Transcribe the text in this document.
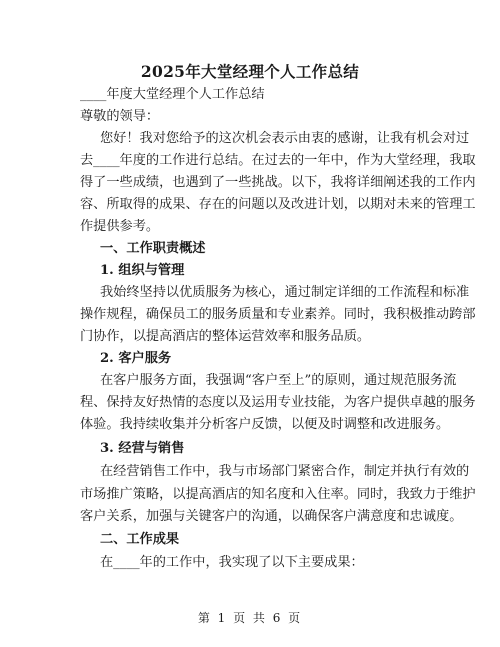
2025年大堂经理个人工作总结
____年度大堂经理个人工作总结
尊敬的领导：
您好！我对您给予的这次机会表示由衷的感谢，让我有机会对过
去____年度的工作进行总结。在过去的一年中，作为大堂经理，我取
得了一些成绩，也遇到了一些挑战。以下，我将详细阐述我的工作内
容、所取得的成果、存在的问题以及改进计划，以期对未来的管理工
作提供参考。
一、工作职责概述
1. 组织与管理
我始终坚持以优质服务为核心，通过制定详细的工作流程和标准
操作规程，确保员工的服务质量和专业素养。同时，我积极推动跨部
门协作，以提高酒店的整体运营效率和服务品质。
2. 客户服务
在客户服务方面，我强调“客户至上”的原则，通过规范服务流
程、保持友好热情的态度以及运用专业技能，为客户提供卓越的服务
体验。我持续收集并分析客户反馈，以便及时调整和改进服务。
3. 经营与销售
在经营销售工作中，我与市场部门紧密合作，制定并执行有效的
市场推广策略，以提高酒店的知名度和入住率。同时，我致力于维护
客户关系，加强与关键客户的沟通，以确保客户满意度和忠诚度。
二、工作成果
在____年的工作中，我实现了以下主要成果：
第 1 页 共 6 页
